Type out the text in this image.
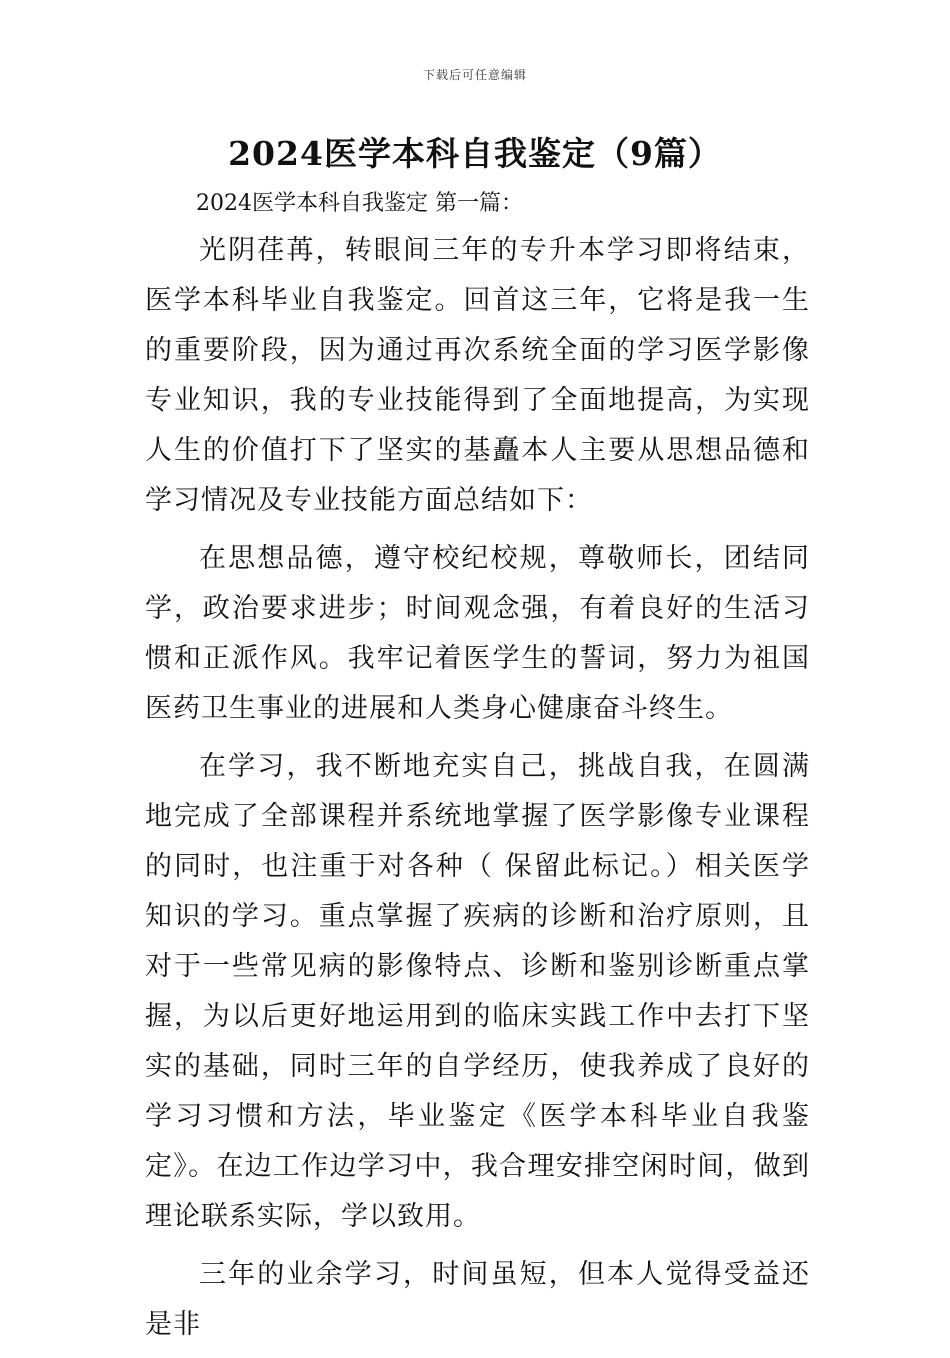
下载后可任意编辑
2024医学本科自我鉴定（9篇）

2024医学本科自我鉴定 第一篇：

光阴荏苒，转眼间三年的专升本学习即将结束，医学本科毕业自我鉴定。回首这三年，它将是我一生的重要阶段，因为通过再次系统全面的学习医学影像专业知识，我的专业技能得到了全面地提高，为实现人生的价值打下了坚实的基矗本人主要从思想品德和学习情况及专业技能方面总结如下：

在思想品德，遵守校纪校规，尊敬师长，团结同学，政治要求进步；时间观念强，有着良好的生活习惯和正派作风。我牢记着医学生的誓词，努力为祖国医药卫生事业的进展和人类身心健康奋斗终生。

在学习，我不断地充实自己，挑战自我，在圆满地完成了全部课程并系统地掌握了医学影像专业课程的同时，也注重于对各种（ 保留此标记。）相关医学知识的学习。重点掌握了疾病的诊断和治疗原则，且对于一些常见病的影像特点、诊断和鉴别诊断重点掌握，为以后更好地运用到的临床实践工作中去打下坚实的基础，同时三年的自学经历，使我养成了良好的学习习惯和方法，毕业鉴定《医学本科毕业自我鉴定》。在边工作边学习中，我合理安排空闲时间，做到理论联系实际，学以致用。

三年的业余学习，时间虽短，但本人觉得受益还是非
